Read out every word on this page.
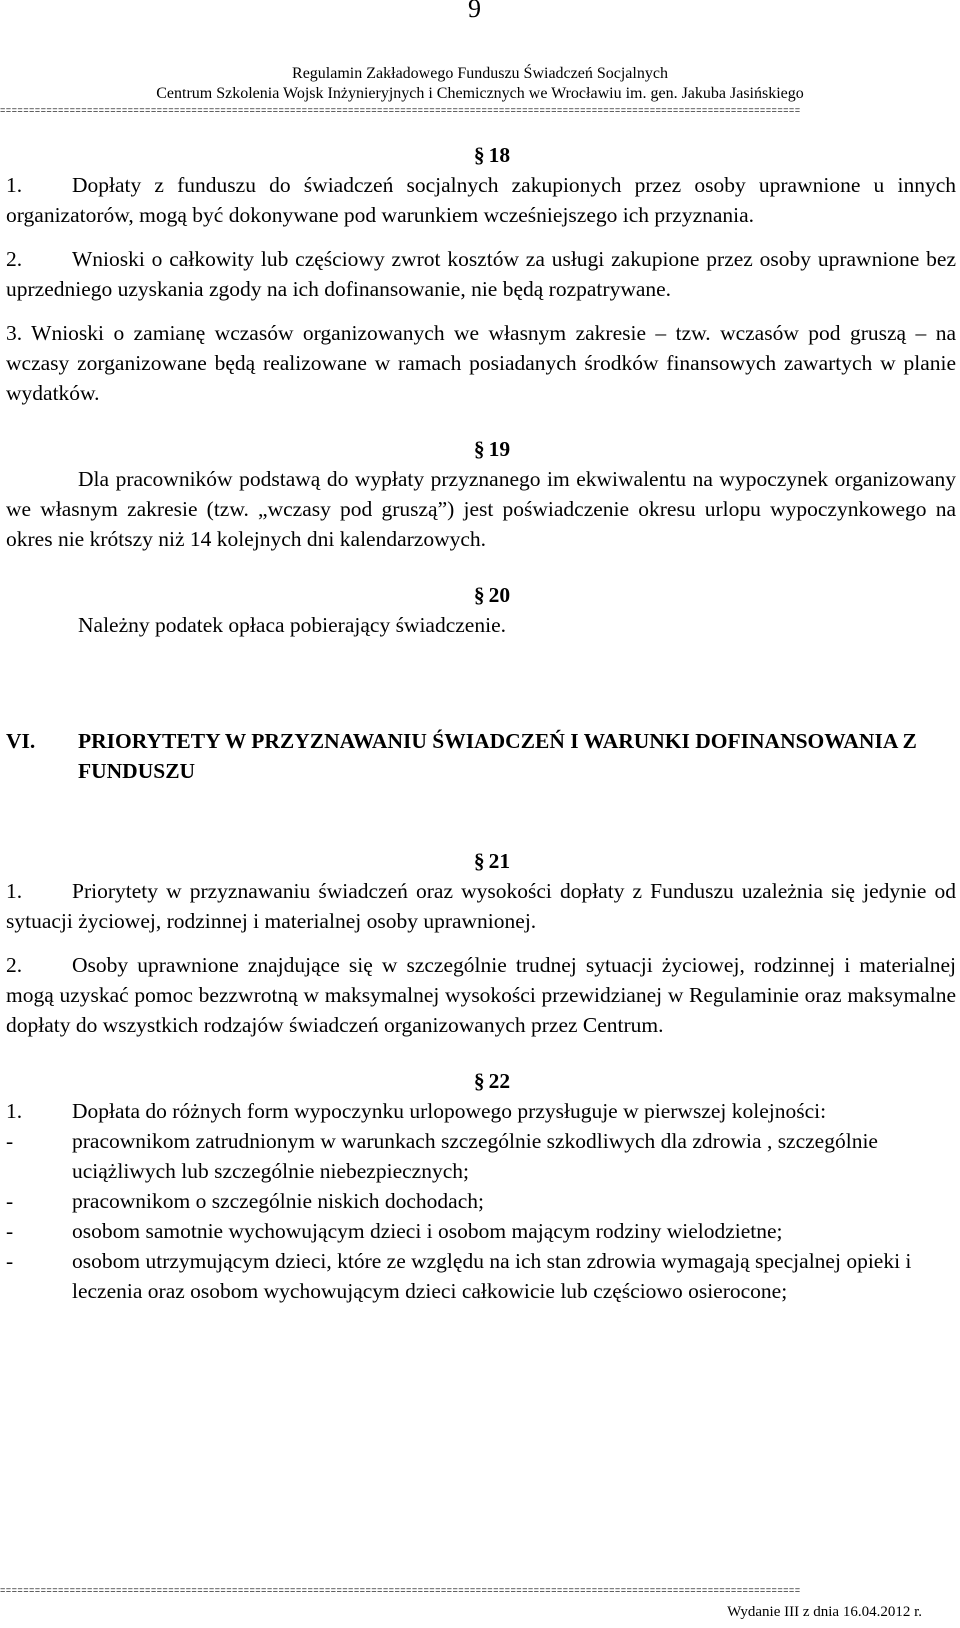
9
Regulamin Zakładowego Funduszu Świadczeń Socjalnych
Centrum Szkolenia Wojsk Inżynieryjnych i Chemicznych we Wrocławiu im. gen. Jakuba Jasińskiego
==========================================================================================================================================

§ 18

1. Dopłaty z funduszu do świadczeń socjalnych zakupionych przez osoby uprawnione u innych organizatorów, mogą być dokonywane pod warunkiem wcześniejszego ich przyznania.

2. Wnioski o całkowity lub częściowy zwrot kosztów za usługi zakupione przez osoby uprawnione bez uprzedniego uzyskania zgody na ich dofinansowanie, nie będą rozpatrywane.

3. Wnioski o zamianę wczasów organizowanych we własnym zakresie – tzw. wczasów pod gruszą – na wczasy zorganizowane będą realizowane w ramach posiadanych środków finansowych zawartych w planie wydatków.

§ 19

Dla pracowników podstawą do wypłaty przyznanego im ekwiwalentu na wypoczynek organizowany we własnym zakresie (tzw. „wczasy pod gruszą”) jest poświadczenie okresu urlopu wypoczynkowego na okres nie krótszy niż 14 kolejnych dni kalendarzowych.

§ 20

Należny podatek opłaca pobierający świadczenie.

VI.	PRIORYTETY W PRZYZNAWANIU ŚWIADCZEŃ I WARUNKI DOFINANSOWANIA Z FUNDUSZU

§ 21

1. Priorytety w przyznawaniu świadczeń oraz wysokości dopłaty z Funduszu uzależnia się jedynie od sytuacji życiowej, rodzinnej i materialnej osoby uprawnionej.

2. Osoby uprawnione znajdujące się w szczególnie trudnej sytuacji życiowej, rodzinnej i materialnej mogą uzyskać pomoc bezzwrotną w maksymalnej wysokości przewidzianej w Regulaminie oraz maksymalne dopłaty do wszystkich rodzajów świadczeń organizowanych przez Centrum.

§ 22

1. Dopłata do różnych form wypoczynku urlopowego przysługuje w pierwszej kolejności:

-	pracownikom zatrudnionym w warunkach szczególnie szkodliwych dla zdrowia , szczególnie uciążliwych lub szczególnie niebezpiecznych;
-	pracownikom o szczególnie niskich dochodach;
-	osobom samotnie wychowującym dzieci i osobom mającym rodziny wielodzietne;
-	osobom utrzymującym dzieci, które ze względu na ich stan zdrowia wymagają specjalnej opieki i leczenia oraz osobom wychowującym dzieci całkowicie lub częściowo osierocone;
==========================================================================================================================================
Wydanie III z dnia 16.04.2012 r.
